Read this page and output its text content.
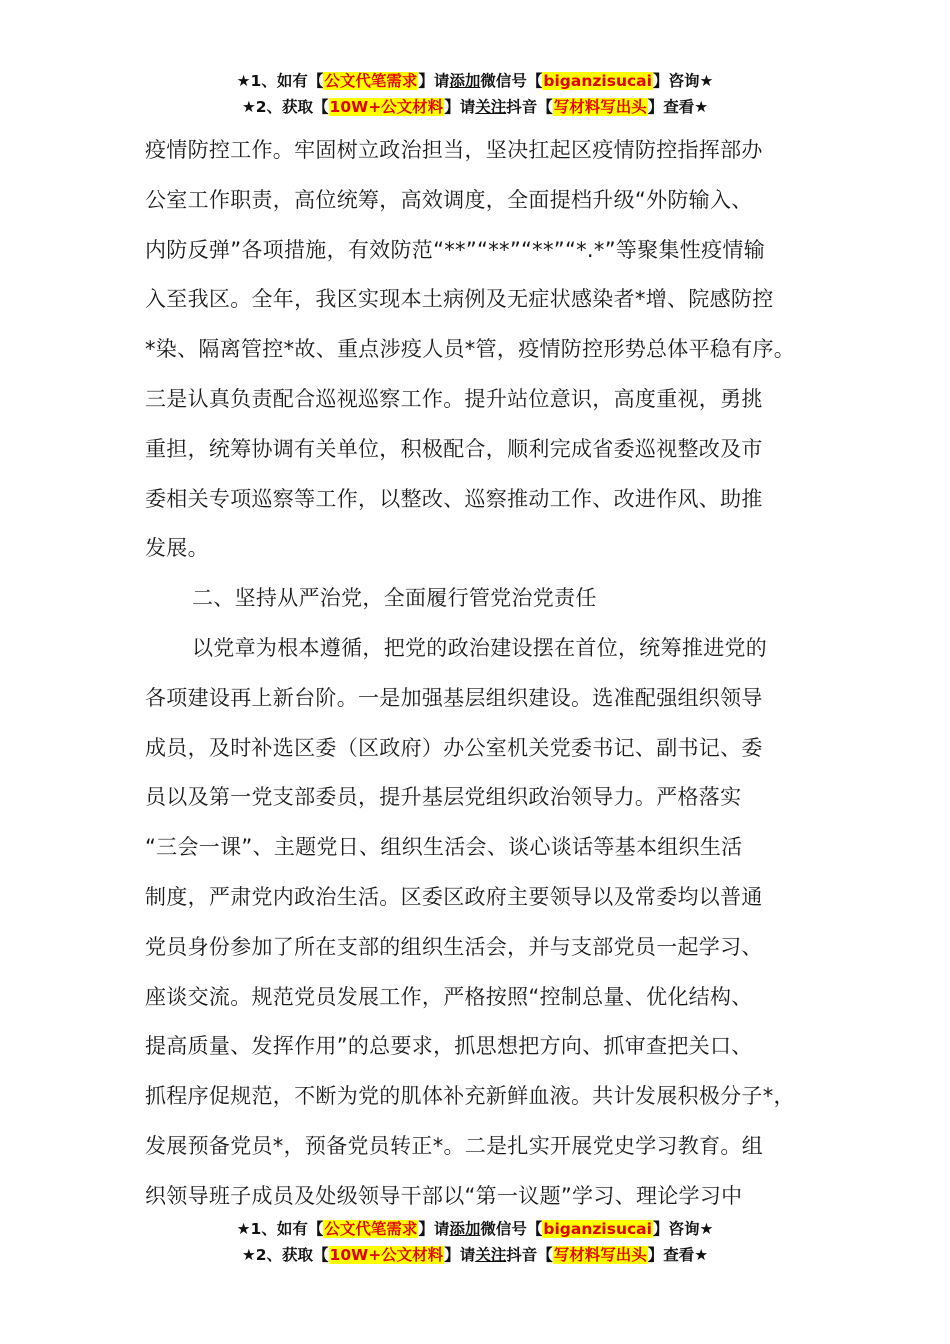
★1、如有【公文代笔需求】请添加微信号【biganzisucai】咨询★
★2、获取【10W+公文材料】请关注抖音【写材料写出头】查看★

疫情防控工作。牢固树立政治担当，坚决扛起区疫情防控指挥部办

公室工作职责，高位统筹，高效调度，全面提档升级“外防输入、

内防反弹”各项措施，有效防范“**”“**”“**”“*.*”等聚集性疫情输

入至我区。全年，我区实现本土病例及无症状感染者*增、院感防控

*染、隔离管控*故、重点涉疫人员*管，疫情防控形势总体平稳有序。

三是认真负责配合巡视巡察工作。提升站位意识，高度重视，勇挑

重担，统筹协调有关单位，积极配合，顺利完成省委巡视整改及市

委相关专项巡察等工作，以整改、巡察推动工作、改进作风、助推

发展。

二、坚持从严治党，全面履行管党治党责任

以党章为根本遵循，把党的政治建设摆在首位，统筹推进党的

各项建设再上新台阶。一是加强基层组织建设。选准配强组织领导

成员，及时补选区委（区政府）办公室机关党委书记、副书记、委

员以及第一党支部委员，提升基层党组织政治领导力。严格落实

“三会一课”、主题党日、组织生活会、谈心谈话等基本组织生活

制度，严肃党内政治生活。区委区政府主要领导以及常委均以普通

党员身份参加了所在支部的组织生活会，并与支部党员一起学习、

座谈交流。规范党员发展工作，严格按照“控制总量、优化结构、

提高质量、发挥作用”的总要求，抓思想把方向、抓审查把关口、

抓程序促规范，不断为党的肌体补充新鲜血液。共计发展积极分子*，

发展预备党员*，预备党员转正*。二是扎实开展党史学习教育。组

织领导班子成员及处级领导干部以“第一议题”学习、理论学习中

★1、如有【公文代笔需求】请添加微信号【biganzisucai】咨询★
★2、获取【10W+公文材料】请关注抖音【写材料写出头】查看★
